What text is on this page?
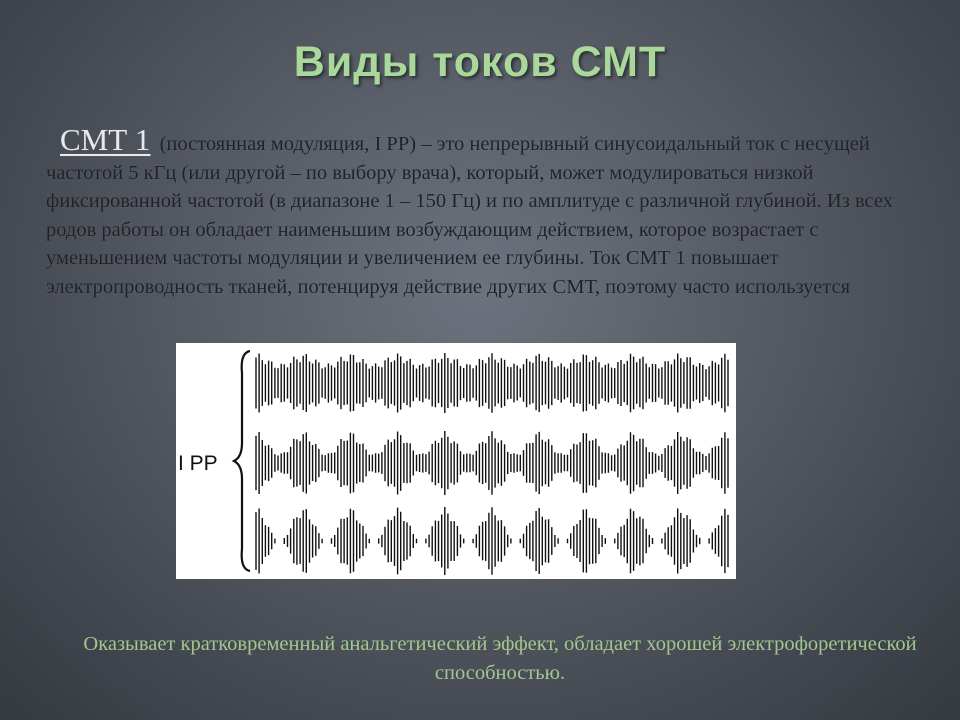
Виды токов СМТ
СМТ 1 (постоянная модуляция, I РР) – это непрерывный синусоидальный ток с несущей частотой 5 кГц (или другой – по выбору врача), который, может модулироваться низкой фиксированной частотой (в диапазоне 1 – 150 Гц) и по амплитуде с различной глубиной. Из всех родов работы он обладает наименьшим возбуждающим действием, которое возрастает с уменьшением частоты модуляции и увеличением ее глубины. Ток СМТ 1 повышает электропроводность тканей, потенцируя действие других СМТ, поэтому часто используется
I РР
Оказывает кратковременный анальгетический эффект, обладает хорошей электрофоретической способностью.
